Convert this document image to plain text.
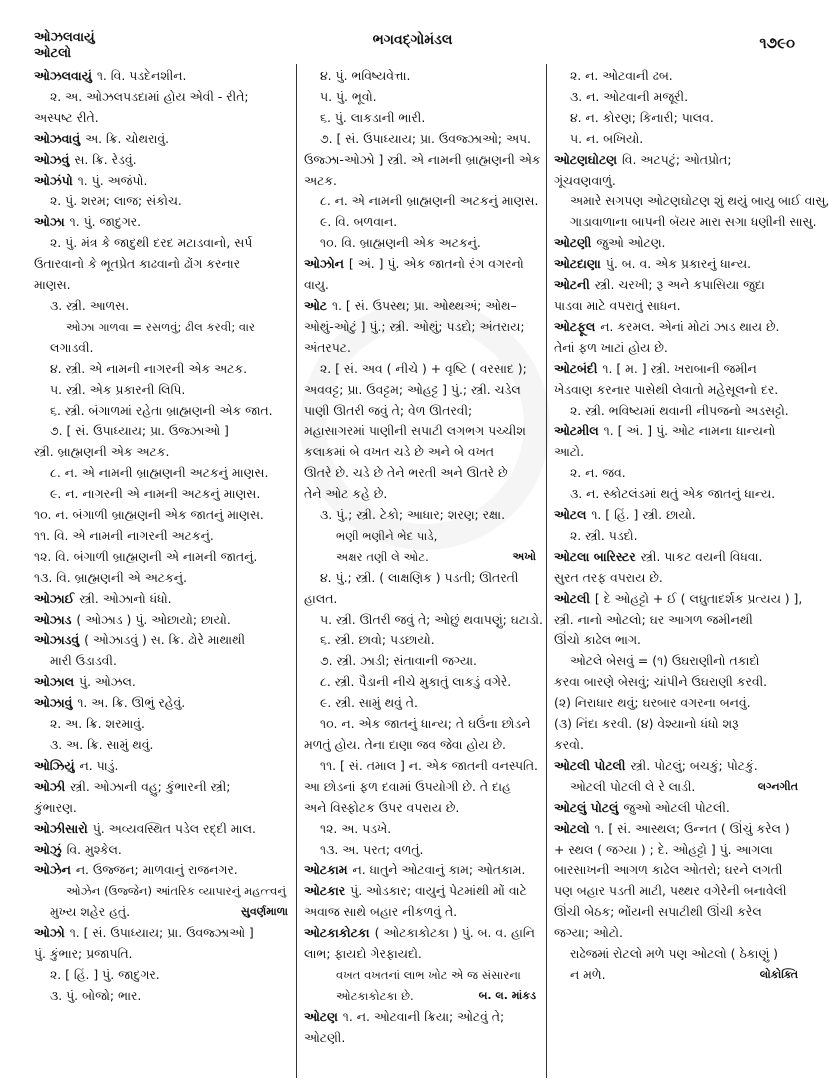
ઓઝલવાયું
ઓટલો
ભગવદ્ગોમંડલ	૧૭૯૦
ઓઝલવાયું ૧. વિ. પડદેનશીન.
૨. અ. ઓઝલપડદામાં હોય એવી - રીતે;
અસ્પષ્ટ રીતે.
ઓઝવાવું અ. ક્રિ. ચોથરાવું.
ઓઝવું સ. ક્રિ. રેડવું.
ઓઝંપો ૧. પું. અજંપો.
૨. પું. શરમ; લાજ; સંકોચ.
ઓઝા ૧. પું. જાદુગર.
૨. પું. મંત્ર કે જાદુથી દરદ મટાડવાનો, સર્પ
ઉતારવાનો કે ભૂતપ્રેત કાઢવાનો ઢોંગ કરનાર
માણસ.
૩. સ્ત્રી. આળસ.
ઓઝા ગાળવા = રસળવું; ઢીલ કરવી; વાર
લગાડવી.
૪. સ્ત્રી. એ નામની નાગરની એક અટક.
૫. સ્ત્રી. એક પ્રકારની લિપિ.
૬. સ્ત્રી. બંગાળમાં રહેતા બ્રાહ્મણની એક જાત.
૭. [ સં. ઉપાધ્યાય; પ્રા. ઉજ્ઝાઓ ]
સ્ત્રી. બ્રાહ્મણની એક અટક.
૮. ન. એ નામની બ્રાહ્મણની અટકનું માણસ.
૯. ન. નાગરની એ નામની અટકનું માણસ.
૧૦. ન. બંગાળી બ્રાહ્મણની એક જાતનું માણસ.
૧૧. વિ. એ નામની નાગરની અટકનું.
૧૨. વિ. બંગાળી બ્રાહ્મણની એ નામની જાતનું.
૧૩. વિ. બ્રાહ્મણની એ અટકનું.
ઓઝાઈ સ્ત્રી. ઓઝાનો ધંધો.
ઓઝાડ ( ઓઝાડ ) પું. ઓછાયો; છાયો.
ઓઝાડવું ( ઓઝાડવું ) સ. ક્રિ. ઢોરે માથાથી
મારી ઉડાડવી.
ઓઝાલ પું. ઓઝલ.
ઓઝાવું ૧. અ. ક્રિ. ઊભું રહેવું.
૨. અ. ક્રિ. શરમાવું.
૩. અ. ક્રિ. સામું થવું.
ઓઝિયું ન. પાડું.
ઓઝી સ્ત્રી. ઓઝાની વહુ; કુંભારની સ્ત્રી;
કુંભારણ.
ઓઝીસારો પું. અવ્યવસ્થિત પડેલ રદ્દી માલ.
ઓઝું વિ. મુશ્કેલ.
ઓઝેન ન. ઉજ્જન; માળવાનું રાજનગર.
ઓઝેન (ઉજ્જેન) આંતરિક વ્યાપારનું મહત્ત્વનું
મુખ્ય શહેર હતું.	સુવર્ણમાળા
ઓઝો ૧. [ સં. ઉપાધ્યાય; પ્રા. ઉવજ્ઝાઓ ]
પું. કુંભાર; પ્રજાપતિ.
૨. [ હિં. ] પું. જાદુગર.
૩. પું. બોજો; ભાર.
૪. પું. ભવિષ્યવેત્તા.
૫. પું. ભૂવો.
૬. પું. લાકડાની ભારી.
૭. [ સં. ઉપાધ્યાય; પ્રા. ઉવજ્ઝાઓ; અપ.
ઉજ્ઝા-ઓઝો ] સ્ત્રી. એ નામની બ્રાહ્મણની એક
અટક.
૮. ન. એ નામની બ્રાહ્મણની અટકનું માણસ.
૯. વિ. બળવાન.
૧૦. વિ. બ્રાહ્મણની એક અટકનું.
ઓઝોન [ અં. ] પું. એક જાતનો રંગ વગરનો
વાયુ.
ઓટ ૧. [ સં. ઉપસ્થ; પ્રા. ઓથ્થઅં; ઓથ–
ઓથું-ઓટું ] પું.; સ્ત્રી. ઓથું; પડદો; અંતરાય;
અંતરપટ.
૨. [ સં. અવ ( નીચે ) + વૃષ્ટિ ( વરસાદ );
અવવટ્ટ; પ્રા. ઉવટ્ટમ; ઓહટ્ટ ] પું.; સ્ત્રી. ચડેલ
પાણી ઊતરી જવું તે; વેળ ઊતરવી;
મહાસાગરમાં પાણીની સપાટી લગભગ પચ્ચીશ
કલાકમાં બે વખત ચડે છે અને બે વખત
ઊતરે છે. ચડે છે તેને ભરતી અને ઊતરે છે
તેને ઓટ કહે છે.
૩. પું.; સ્ત્રી. ટેકો; આધાર; શરણ; રક્ષા.
ભણી ભણીને ભેદ પાડે,
અક્ષર તણી લે ઓટ.	અખો
૪. પું.; સ્ત્રી. ( લાક્ષણિક ) પડતી; ઊતરતી
હાલત.
૫. સ્ત્રી. ઊતરી જવું તે; ઓછું થવાપણું; ઘટાડો.
૬. સ્ત્રી. છાવો; પડછાયો.
૭. સ્ત્રી. ઝાડી; સંતાવાની જગ્યા.
૮. સ્ત્રી. પૈડાની નીચે મુકાતું લાકડું વગેરે.
૯. સ્ત્રી. સામું થવું તે.
૧૦. ન. એક જાતનું ધાન્ય; તે ઘઉંના છોડને
મળતું હોય. તેના દાણા જવ જેવા હોય છે.
૧૧. [ સં. તમાલ ] ન. એક જાતની વનસ્પતિ.
આ છોડનાં ફળ દવામાં ઉપયોગી છે. તે દાહ
અને વિસ્ફોટક ઉપર વપરાય છે.
૧૨. અ. પડખે.
૧૩. અ. પરત; વળતું.
ઓટકામ ન. ધાતુને ઓટવાનું કામ; ઓતકામ.
ઓટકાર પું. ઓડકાર; વાયુનું પેટમાંથી મોં વાટે
અવાજ સાથે બહાર નીકળવું તે.
ઓટકાકોટકા ( ઓટકાકોટકા ) પું. બ. વ. હાનિ
લાભ; ફાયદો ગેરફાયદો.
વખત વખતનાં લાભ ખોટ એ જ સંસારના
ઓટકાકોટકા છે.	બ. લ. માંકડ
ઓટણ ૧. ન. ઓટવાની ક્રિયા; ઓટવું તે;
ઓટણી.
૨. ન. ઓટવાની ઢબ.
૩. ન. ઓટવાની મજૂરી.
૪. ન. કોરણ; કિનારી; પાલવ.
૫. ન. બખિયો.
ઓટણઘોટણ વિ. અટપટું; ઓતપ્રોત;
ગૂંચવણવાળું.
અમારે સગપણ ઓટણઘોટણ શું થયું બાયુ બાઈ વાસુ,
ગાડાવાળાના બાપની બૅયર મારા સગા ધણીની સાસુ.
ઓટણી જુઓ ઓટણ.
ઓટદાણા પું. બ. વ. એક પ્રકારનું ધાન્ય.
ઓટની સ્ત્રી. ચરખી; રૂ અને કપાસિયા જુદા
પાડવા માટે વપરાતું સાધન.
ઓટફૂલ ન. કરમલ. એનાં મોટાં ઝાડ થાય છે.
તેનાં ફળ ખાટાં હોય છે.
ઓટબંદી ૧. [ મ. ] સ્ત્રી. ખરાબાની જમીન
ખેડવાણ કરનાર પાસેથી લેવાતો મહેસૂલનો દર.
૨. સ્ત્રી. ભવિષ્યમાં થવાની નીપજનો અડસટ્ટો.
ઓટમીલ ૧. [ અં. ] પું. ઓટ નામના ધાન્યનો
આટો.
૨. ન. જવ.
૩. ન. સ્કોટલંડમાં થતું એક જાતનું ધાન્ય.
ઓટલ ૧. [ હિં. ] સ્ત્રી. છાયો.
૨. સ્ત્રી. પડદો.
ઓટલા બારિસ્ટર સ્ત્રી. પાકટ વયની વિધવા.
સુરત તરફ વપરાય છે.
ઓટલી [ દે ઓહટ્ટો + ઈ ( લઘુતાદર્શક પ્રત્યય ) ],
સ્ત્રી. નાનો ઓટલો; ઘર આગળ જમીનથી
ઊંચો કાઢેલ ભાગ.
ઓટલે બેસવું = (૧) ઉઘરાણીનો તકાદો
કરવા બારણે બેસવું; ચાંપીને ઉઘરાણી કરવી.
(૨) નિરાધાર થવું; ઘરબાર વગરના બનવું.
(૩) નિંદા કરવી. (૪) વેશ્યાનો ધંધો શરૂ
કરવો.
ઓટલી પોટલી સ્ત્રી. પોટલું; બચકું; પોટકું.
ઓટલી પોટલી લે રે લાડી.	લગ્નગીત
ઓટલું પોટલું જુઓ ઓટલી પોટલી.
ઓટલો ૧. [ સં. આસ્થલ; ઉન્નત ( ઊંચું કરેલ )
+ સ્થલ ( જગ્યા ) ; દે. ઓહટ્ટો ] પું. આગલા
બારસાખની આગળ કાઢેલ ઓતરો; ઘરને લગતી
પણ બહાર પડતી માટી, પથ્થર વગેરેની બનાવેલી
ઊંચી બેઠક; ભોંયની સપાટીથી ઊંચી કરેલ
જગ્યા; ઓટો.
રાઢેજમાં રોટલો મળે પણ ઓટલો ( ઠેકાણું )
ન મળે.	લોકોક્તિ
